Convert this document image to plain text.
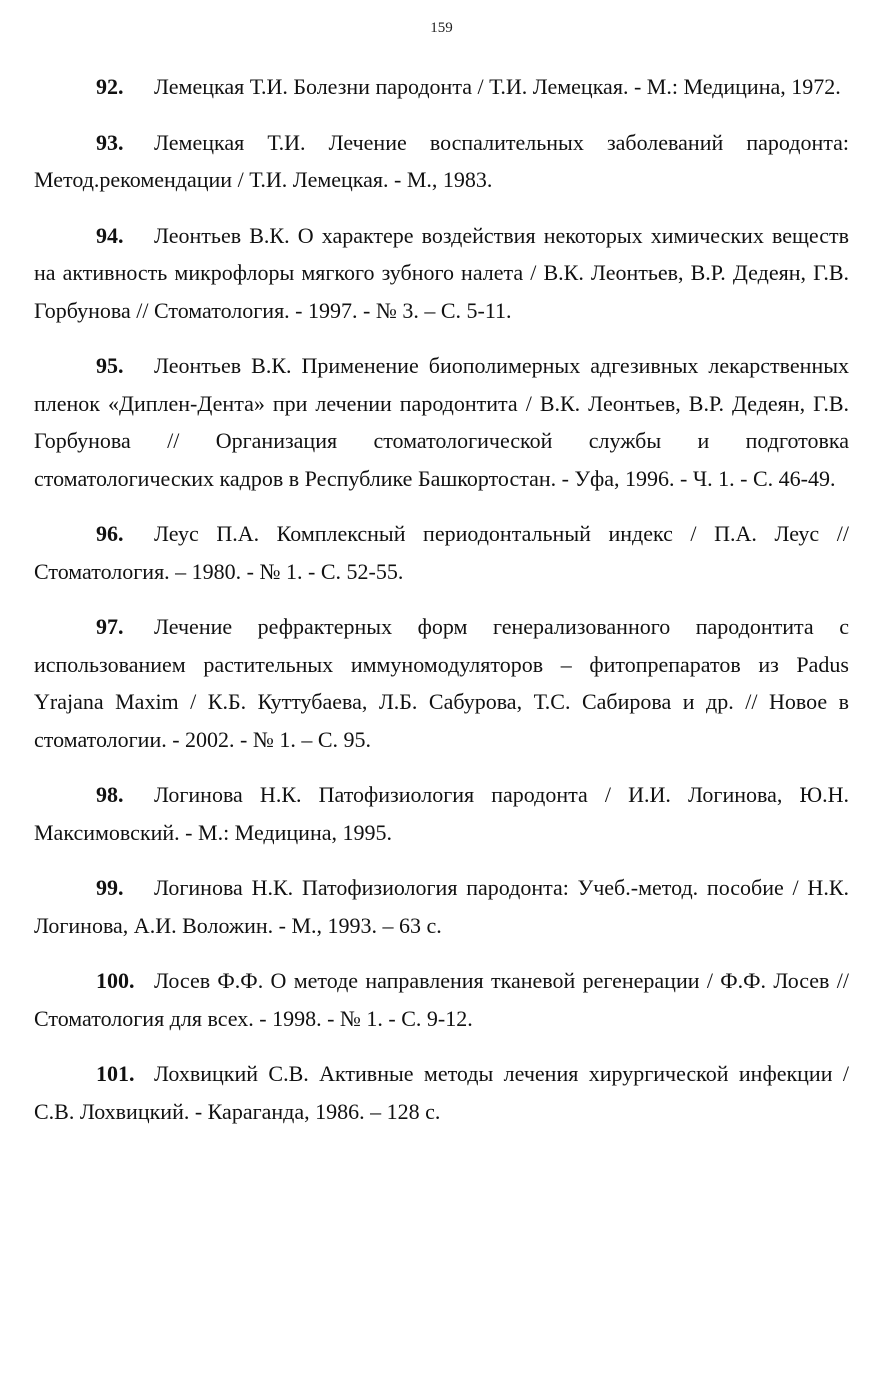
159

92. Лемецкая Т.И. Болезни пародонта / Т.И. Лемецкая. - М.: Медицина, 1972.

93. Лемецкая Т.И. Лечение воспалительных заболеваний пародонта: Метод.рекомендации / Т.И. Лемецкая. - М., 1983.

94. Леонтьев В.К. О характере воздействия некоторых химических веществ на активность микрофлоры мягкого зубного налета / В.К. Леонтьев, В.Р. Дедеян, Г.В. Горбунова // Стоматология. - 1997. - № 3. – С. 5-11.

95. Леонтьев В.К. Применение биополимерных адгезивных лекарственных пленок «Диплен-Дента» при лечении пародонтита / В.К. Леонтьев, В.Р. Дедеян, Г.В. Горбунова // Организация стоматологической службы и подготовка стоматологических кадров в Республике Башкортостан. - Уфа, 1996. - Ч. 1. - С. 46-49.

96. Леус П.А. Комплексный периодонтальный индекс / П.А. Леус // Стоматология. – 1980. - № 1. - С. 52-55.

97. Лечение рефрактерных форм генерализованного пародонтита с использованием растительных иммуномодуляторов – фитопрепаратов из Padus Yrajana Maxim / К.Б. Куттубаева, Л.Б. Сабурова, Т.С. Сабирова и др. // Новое в стоматологии. - 2002. - № 1. – С. 95.

98. Логинова Н.К. Патофизиология пародонта / И.И. Логинова, Ю.Н. Максимовский. - М.: Медицина, 1995.

99. Логинова Н.К. Патофизиология пародонта: Учеб.-метод. пособие / Н.К. Логинова, А.И. Воложин. - М., 1993. – 63 с.

100. Лосев Ф.Ф. О методе направления тканевой регенерации / Ф.Ф. Лосев // Стоматология для всех. - 1998. - № 1. - С. 9-12.

101. Лохвицкий С.В. Активные методы лечения хирургической инфекции / С.В. Лохвицкий. - Караганда, 1986. – 128 с.
